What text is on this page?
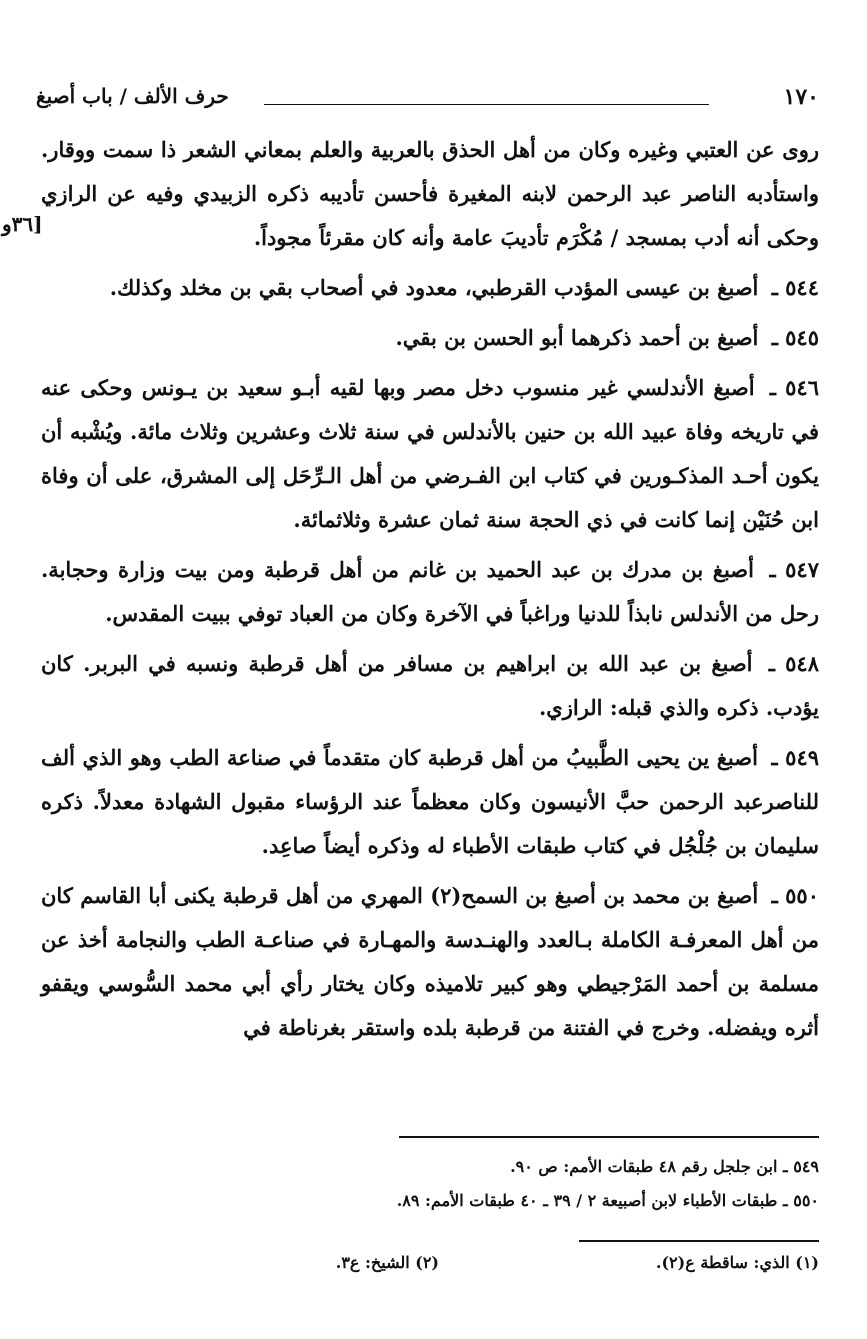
١٧٠
حرف الألف / باب أصبغ
[٣٦و

روى عن العتبي وغيره وكان من أهل الحذق بالعربية والعلم بمعاني الشعر ذا سمت ووقار. واستأدبه الناصر عبد الرحمن لابنه المغيرة فأحسن تأديبه ذكره الزبيدي وفيه عن الرازي وحكى أنه أدب بمسجد / مُكْرَم تأديبَ عامة وأنه كان مقرئاً مجوداً.

٥٤٤ ـ أصبغ بن عيسى المؤدب القرطبي، معدود في أصحاب بقي بن مخلد وكذلك.

٥٤٥ ـ أصبغ بن أحمد ذكرهما أبو الحسن بن بقي.

٥٤٦ ـ أصبغ الأندلسي غير منسوب دخل مصر وبها لقيه أبـو سعيد بن يـونس وحكى عنه في تاريخه وفاة عبيد الله بن حنين بالأندلس في سنة ثلاث وعشرين وثلاث مائة. ويُشْبه أن يكون أحـد المذكـورين في كتاب ابن الفـرضي من أهل الـرِّحَل إلى المشرق، على أن وفاة ابن حُنَيْن إنما كانت في ذي الحجة سنة ثمان عشرة وثلاثمائة.

٥٤٧ ـ أصبغ بن مدرك بن عبد الحميد بن غانم من أهل قرطبة ومن بيت وزارة وحجابة. رحل من الأندلس نابذاً للدنيا وراغباً في الآخرة وكان من العباد توفي ببيت المقدس.

٥٤٨ ـ أصبغ بن عبد الله بن ابراهيم بن مسافر من أهل قرطبة ونسبه في البربر. كان يؤدب. ذكره والذي قبله: الرازي.

٥٤٩ ـ أصبغ ين يحيى الطَّبيبُ من أهل قرطبة كان متقدماً في صناعة الطب وهو الذي ألف للناصرعبد الرحمن حبَّ الأنيسون وكان معظماً عند الرؤساء مقبول الشهادة معدلاً. ذكره سليمان بن جُلْجُل في كتاب طبقات الأطباء له وذكره أيضاً صاعِد.

٥٥٠ ـ أصبغ بن محمد بن أصبغ بن السمح(٢) المهري من أهل قرطبة يكنى أبا القاسم كان من أهل المعرفـة الكاملة بـالعدد والهنـدسة والمهـارة في صناعـة الطب والنجامة أخذ عن مسلمة بن أحمد المَرْجيطي وهو كبير تلاميذه وكان يختار رأي أبي محمد السُّوسي ويقفو أثره ويفضله. وخرج في الفتنة من قرطبة بلده واستقر بغرناطة في

٥٤٩ ـ ابن جلجل رقم ٤٨ طبقات الأمم: ص ٩٠.

٥٥٠ ـ طبقات الأطباء لابن أصبيعة ٢ / ٣٩ ـ ٤٠ طبقات الأمم: ٨٩.

(١) الذي: ساقطة ع(٢).
(٢) الشيخ: ع٣.
